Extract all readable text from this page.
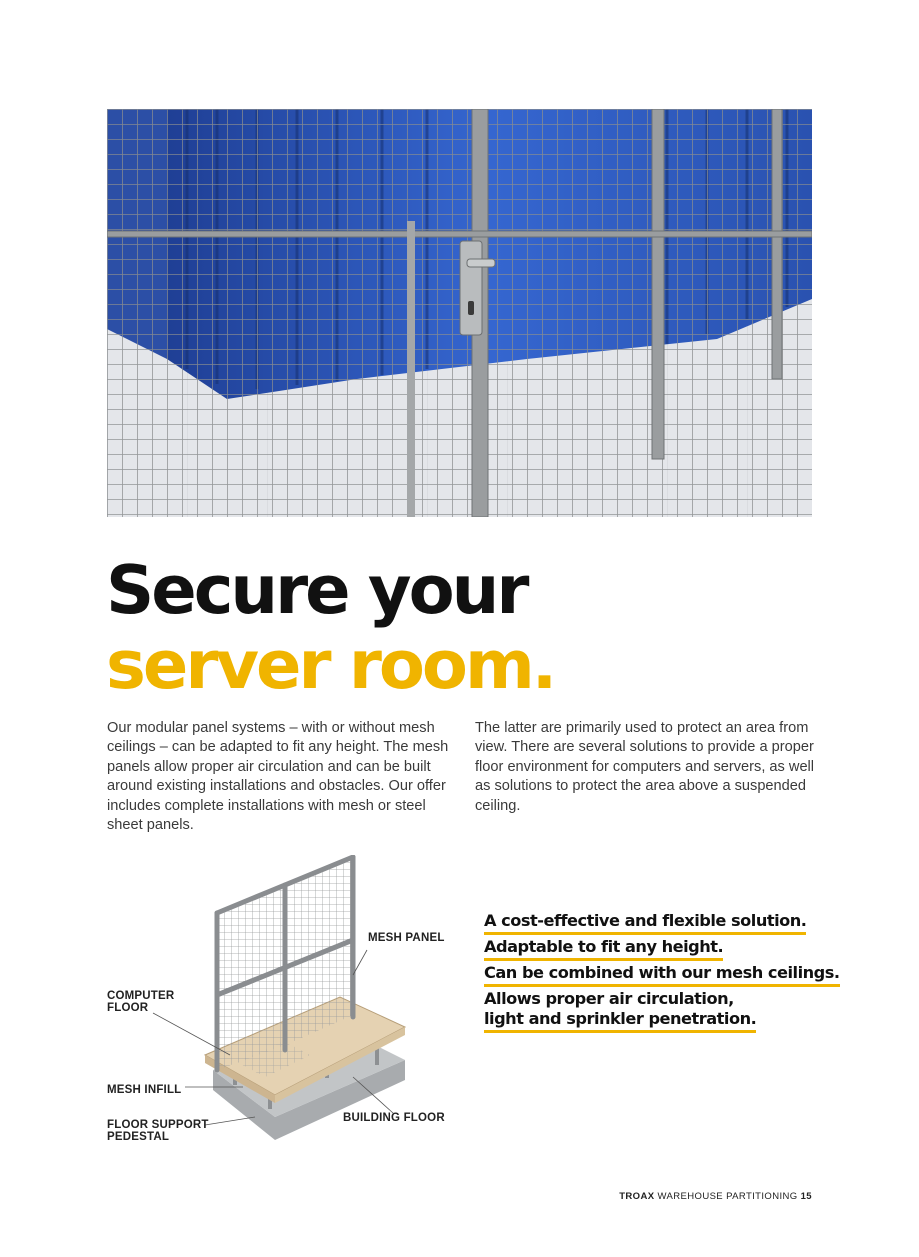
Secure your
server room.

Our modular panel systems – with or without mesh ceilings – can be adapted to fit any height. The mesh panels allow proper air circulation and can be built around existing installations and obstacles. Our offer includes complete installations with mesh or steel sheet panels.

The latter are primarily used to protect an area from view. There are several solutions to provide a proper floor environment for computers and servers, as well as solutions to protect the area above a suspended ceiling.

MESH PANEL
COMPUTER
FLOOR
MESH INFILL
FLOOR SUPPORT
PEDESTAL
BUILDING FLOOR
A cost-effective and flexible solution.
Adaptable to fit any height.
Can be combined with our mesh ceilings.
Allows proper air circulation,
light and sprinkler penetration.
TROAX WAREHOUSE PARTITIONING 15
